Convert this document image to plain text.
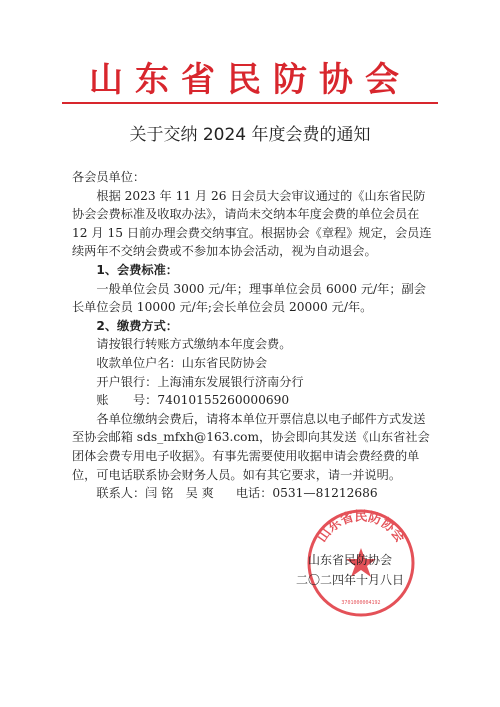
山东省民防协会
关于交纳 2024 年度会费的通知

各会员单位：

根据 2023 年 11 月 26 日会员大会审议通过的《山东省民防协会会费标准及收取办法》，请尚未交纳本年度会费的单位会员在 12 月 15 日前办理会费交纳事宜。根据协会《章程》规定，会员连续两年不交纳会费或不参加本协会活动，视为自动退会。

1、会费标准：

一般单位会员 3000 元/年；理事单位会员 6000 元/年；副会长单位会员 10000 元/年;会长单位会员 20000 元/年。

2、缴费方式：

请按银行转账方式缴纳本年度会费。

收款单位户名：山东省民防协会

开户银行：上海浦东发展银行济南分行

账　　号：74010155260000690

各单位缴纳会费后，请将本单位开票信息以电子邮件方式发送至协会邮箱 sds_mfxh@163.com，协会即向其发送《山东省社会团体会费专用电子收据》。有事先需要使用收据申请会费经费的单位，可电话联系协会财务人员。如有其它要求，请一并说明。

联系人：闫 铭　吴 爽 电话：0531—81212686

山东省民防协会
3701000004192
山东省民防协会
二〇二四年十月八日
